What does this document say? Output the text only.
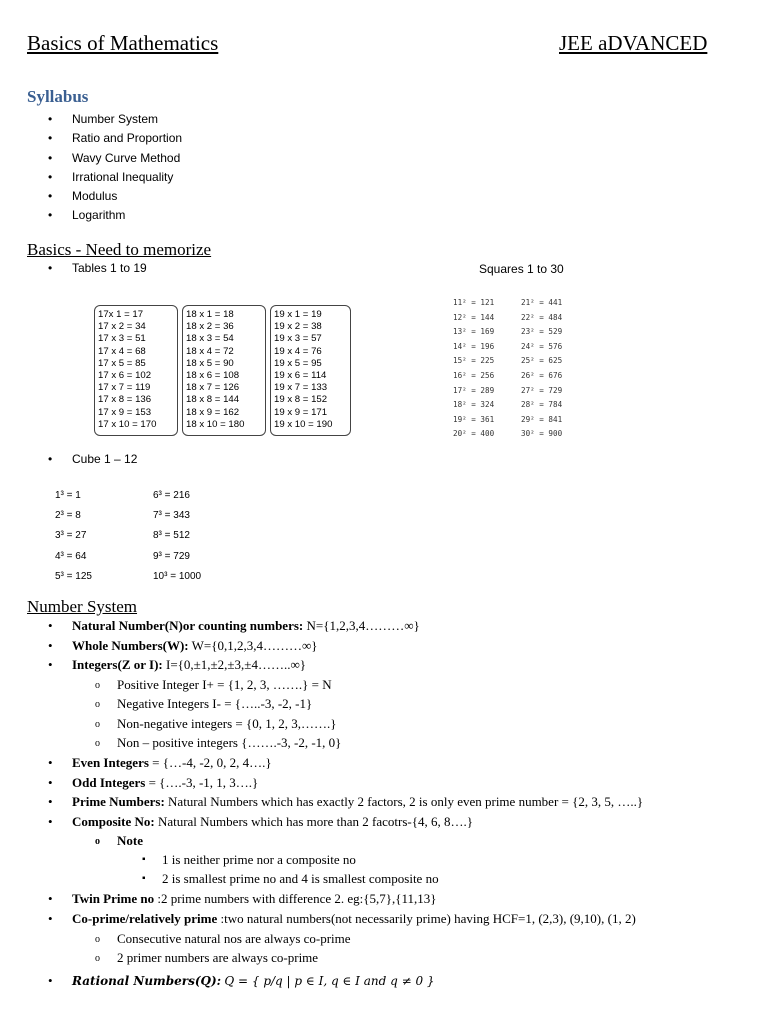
Basics of Mathematics	JEE aDVANCED
Syllabus
• Number System
• Ratio and Proportion
• Wavy Curve Method
• Irrational Inequality
• Modulus
• Logarithm
Basics - Need to memorize
• Tables 1 to 19	Squares 1 to 30
17x 1 = 17
17 x 2 = 34
17 x 3 = 51
17 x 4 = 68
17 x 5 = 85
17 x 6 = 102
17 x 7 = 119
17 x 8 = 136
17 x 9 = 153
17 x 10 = 170
18 x 1 = 18
18 x 2 = 36
18 x 3 = 54
18 x 4 = 72
18 x 5 = 90
18 x 6 = 108
18 x 7 = 126
18 x 8 = 144
18 x 9 = 162
18 x 10 = 180
19 x 1 = 19
19 x 2 = 38
19 x 3 = 57
19 x 4 = 76
19 x 5 = 95
19 x 6 = 114
19 x 7 = 133
19 x 8 = 152
19 x 9 = 171
19 x 10 = 190
11² = 121	21² = 441
12² = 144	22² = 484
13² = 169	23² = 529
14² = 196	24² = 576
15² = 225	25² = 625
16² = 256	26² = 676
17² = 289	27² = 729
18² = 324	28² = 784
19² = 361	29² = 841
20² = 400	30² = 900
• Cube 1 – 12
1³ = 1	6³ = 216
2³ = 8	7³ = 343
3³ = 27	8³ = 512
4³ = 64	9³ = 729
5³ = 125	10³ = 1000
Number System
• Natural Number(N)or counting numbers: N={1,2,3,4………∞}
• Whole Numbers(W): W={0,1,2,3,4………∞}
• Integers(Z or I): I={0,±1,±2,±3,±4……..∞}
o Positive Integer I+ = {1, 2, 3, …….} = N
o Negative Integers I- = {…..-3, -2, -1}
o Non-negative integers = {0, 1, 2, 3,…….}
o Non – positive integers {…….-3, -2, -1, 0}
• Even Integers = {…-4, -2, 0, 2, 4….}
• Odd Integers = {….-3, -1, 1, 3….}
• Prime Numbers: Natural Numbers which has exactly 2 factors, 2 is only even prime number = {2, 3, 5, …..}
• Composite No: Natural Numbers which has more than 2 facotrs-{4, 6, 8….}
o Note
▪ 1 is neither prime nor a composite no
▪ 2 is smallest prime no and 4 is smallest composite no
• Twin Prime no :2 prime numbers with difference 2. eg:{5,7},{11,13}
• Co-prime/relatively prime :two natural numbers(not necessarily prime) having HCF=1, (2,3), (9,10), (1, 2)
o Consecutive natural nos are always co-prime
o 2 primer numbers are always co-prime
• Rational Numbers(Q): Q = { p/q | p ∈ I, q ∈ I and q ≠ 0 }
